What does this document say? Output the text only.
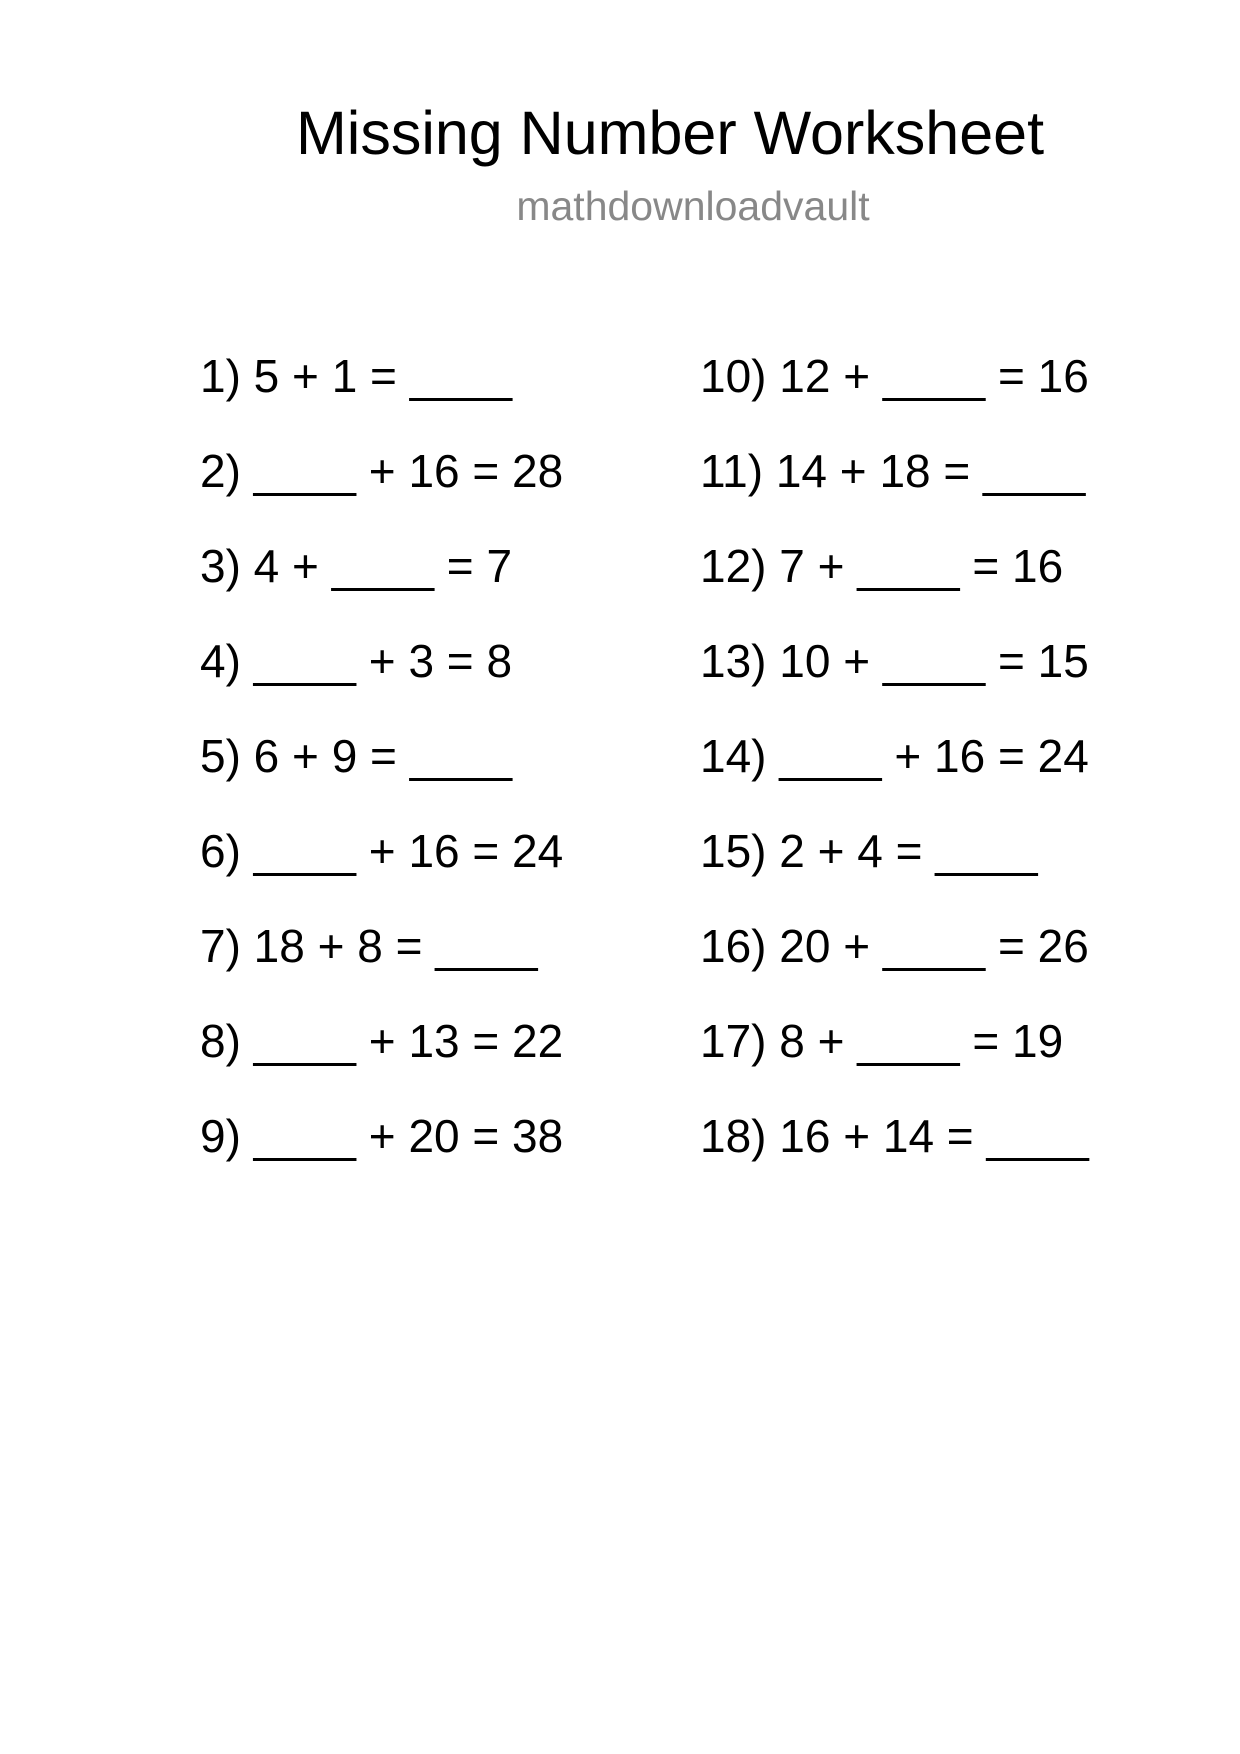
Missing Number Worksheet
mathdownloadvault
1) 5 + 1 = ____
2) ____ + 16 = 28
3) 4 + ____ = 7
4) ____ + 3 = 8
5) 6 + 9 = ____
6) ____ + 16 = 24
7) 18 + 8 = ____
8) ____ + 13 = 22
9) ____ + 20 = 38
10) 12 + ____ = 16
11) 14 + 18 = ____
12) 7 + ____ = 16
13) 10 + ____ = 15
14) ____ + 16 = 24
15) 2 + 4 = ____
16) 20 + ____ = 26
17) 8 + ____ = 19
18) 16 + 14 = ____
